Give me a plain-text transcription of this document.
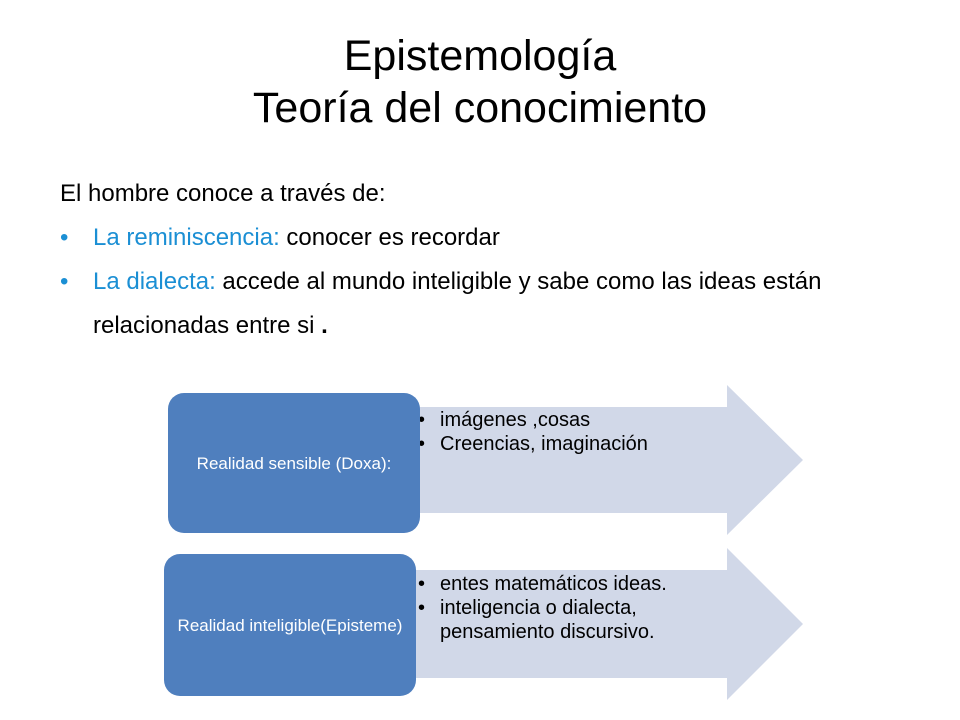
Epistemología
Teoría del conocimiento
El hombre conoce a través de:
• La reminiscencia: conocer es recordar
• La dialecta: accede al mundo inteligible y sabe como las ideas están relacionadas entre si .
• imágenes ,cosas
• Creencias, imaginación
Realidad sensible (Doxa):
• entes matemáticos ideas.
• inteligencia o dialecta, pensamiento discursivo.
Realidad inteligible(Episteme)
